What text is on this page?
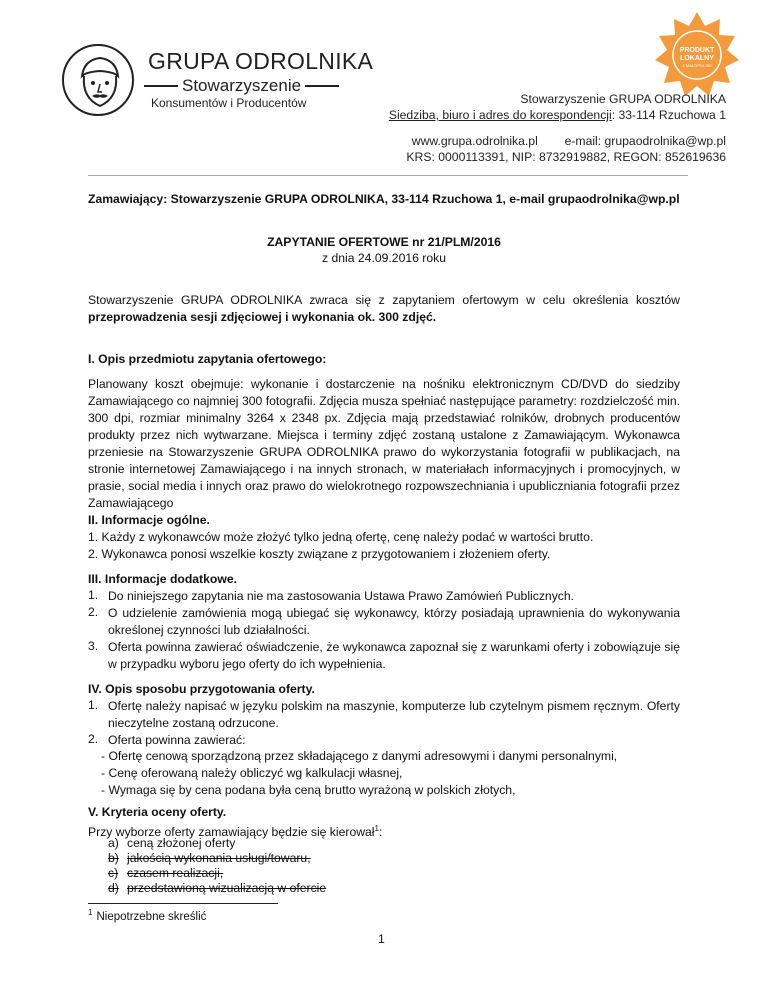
GRUPA ODROLNIKA
Stowarzyszenie
Konsumentów i Producentów
PRODUKT
LOKALNY
Z MAŁOPOLSKI
Stowarzyszenie GRUPA ODROLNIKA
Siedziba, biuro i adres do korespondencji: 33-114 Rzuchowa 1
www.grupa.odrolnika.pl e-mail: grupaodrolnika@wp.pl
KRS: 0000113391, NIP: 8732919882, REGON: 852619636
Zamawiający: Stowarzyszenie GRUPA ODROLNIKA, 33-114 Rzuchowa 1, e-mail grupaodrolnika@wp.pl
ZAPYTANIE OFERTOWE nr 21/PLM/2016
z dnia 24.09.2016 roku
Stowarzyszenie GRUPA ODROLNIKA zwraca się z zapytaniem ofertowym w celu określenia kosztów
przeprowadzenia sesji zdjęciowej i wykonania ok. 300 zdjęć.
I. Opis przedmiotu zapytania ofertowego:
Planowany koszt obejmuje: wykonanie i dostarczenie na nośniku elektronicznym CD/DVD do siedziby Zamawiającego co najmniej 300 fotografii. Zdjęcia musza spełniać następujące parametry: rozdzielczość min. 300 dpi, rozmiar minimalny 3264 x 2348 px. Zdjęcia mają przedstawiać rolników, drobnych producentów produkty przez nich wytwarzane. Miejsca i terminy zdjęć zostaną ustalone z Zamawiającym. Wykonawca przeniesie na Stowarzyszenie GRUPA ODROLNIKA prawo do wykorzystania fotografii w publikacjach, na stronie internetowej Zamawiającego i na innych stronach, w materiałach informacyjnych i promocyjnych, w prasie, social media i innych oraz prawo do wielokrotnego rozpowszechniania i upubliczniania fotografii przez Zamawiającego
II. Informacje ogólne.
1. Każdy z wykonawców może złożyć tylko jedną ofertę, cenę należy podać w wartości brutto.
2. Wykonawca ponosi wszelkie koszty związane z przygotowaniem i złożeniem oferty.
III. Informacje dodatkowe.
1. Do niniejszego zapytania nie ma zastosowania Ustawa Prawo Zamówień Publicznych.
2. O udzielenie zamówienia mogą ubiegać się wykonawcy, którzy posiadają uprawnienia do wykonywania określonej czynności lub działalności.
3. Oferta powinna zawierać oświadczenie, że wykonawca zapoznał się z warunkami oferty i zobowiązuje się w przypadku wyboru jego oferty do ich wypełnienia.
IV. Opis sposobu przygotowania oferty.
1. Ofertę należy napisać w języku polskim na maszynie, komputerze lub czytelnym pismem ręcznym. Oferty nieczytelne zostaną odrzucone.
2. Oferta powinna zawierać:
- Ofertę cenową sporządzoną przez składającego z danymi adresowymi i danymi personalnymi,
- Cenę oferowaną należy obliczyć wg kalkulacji własnej,
- Wymaga się by cena podana była ceną brutto wyrażoną w polskich złotych,
V. Kryteria oceny oferty.
Przy wyborze oferty zamawiający będzie się kierował$^1$:
a) ceną złożonej oferty
b) jakością wykonania usługi/towaru,
c) czasem realizacji,
$^1$ Niepotrzebne skreślić
1
d) przedstawioną wizualizacją w ofercie
